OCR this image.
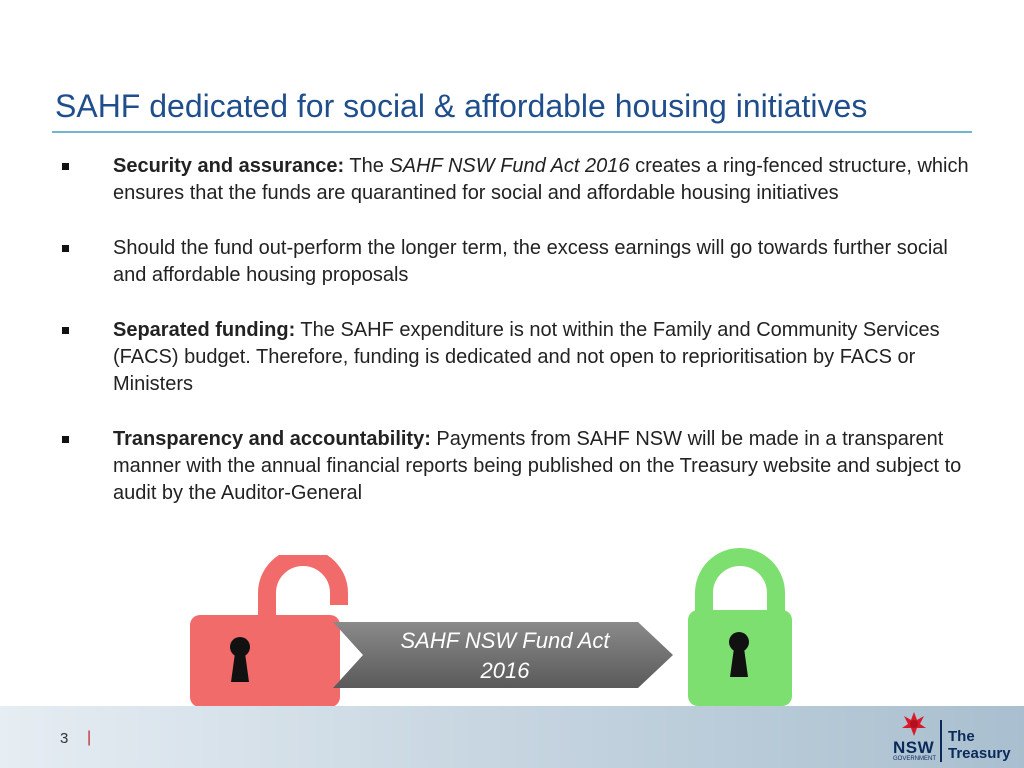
SAHF dedicated for social & affordable housing initiatives
Security and assurance: The SAHF NSW Fund Act 2016 creates a ring-fenced structure, which ensures that the funds are quarantined for social and affordable housing initiatives
Should the fund out-perform the longer term, the excess earnings will go towards further social and affordable housing proposals
Separated funding: The SAHF expenditure is not within the Family and Community Services (FACS) budget. Therefore, funding is dedicated and not open to reprioritisation by FACS or Ministers
Transparency and accountability: Payments from SAHF NSW will be made in a transparent manner with the annual financial reports being published on the Treasury website and subject to audit by the Auditor-General
SAHF NSW Fund Act
2016
3 |
NSW
GOVERNMENT
The
Treasury
